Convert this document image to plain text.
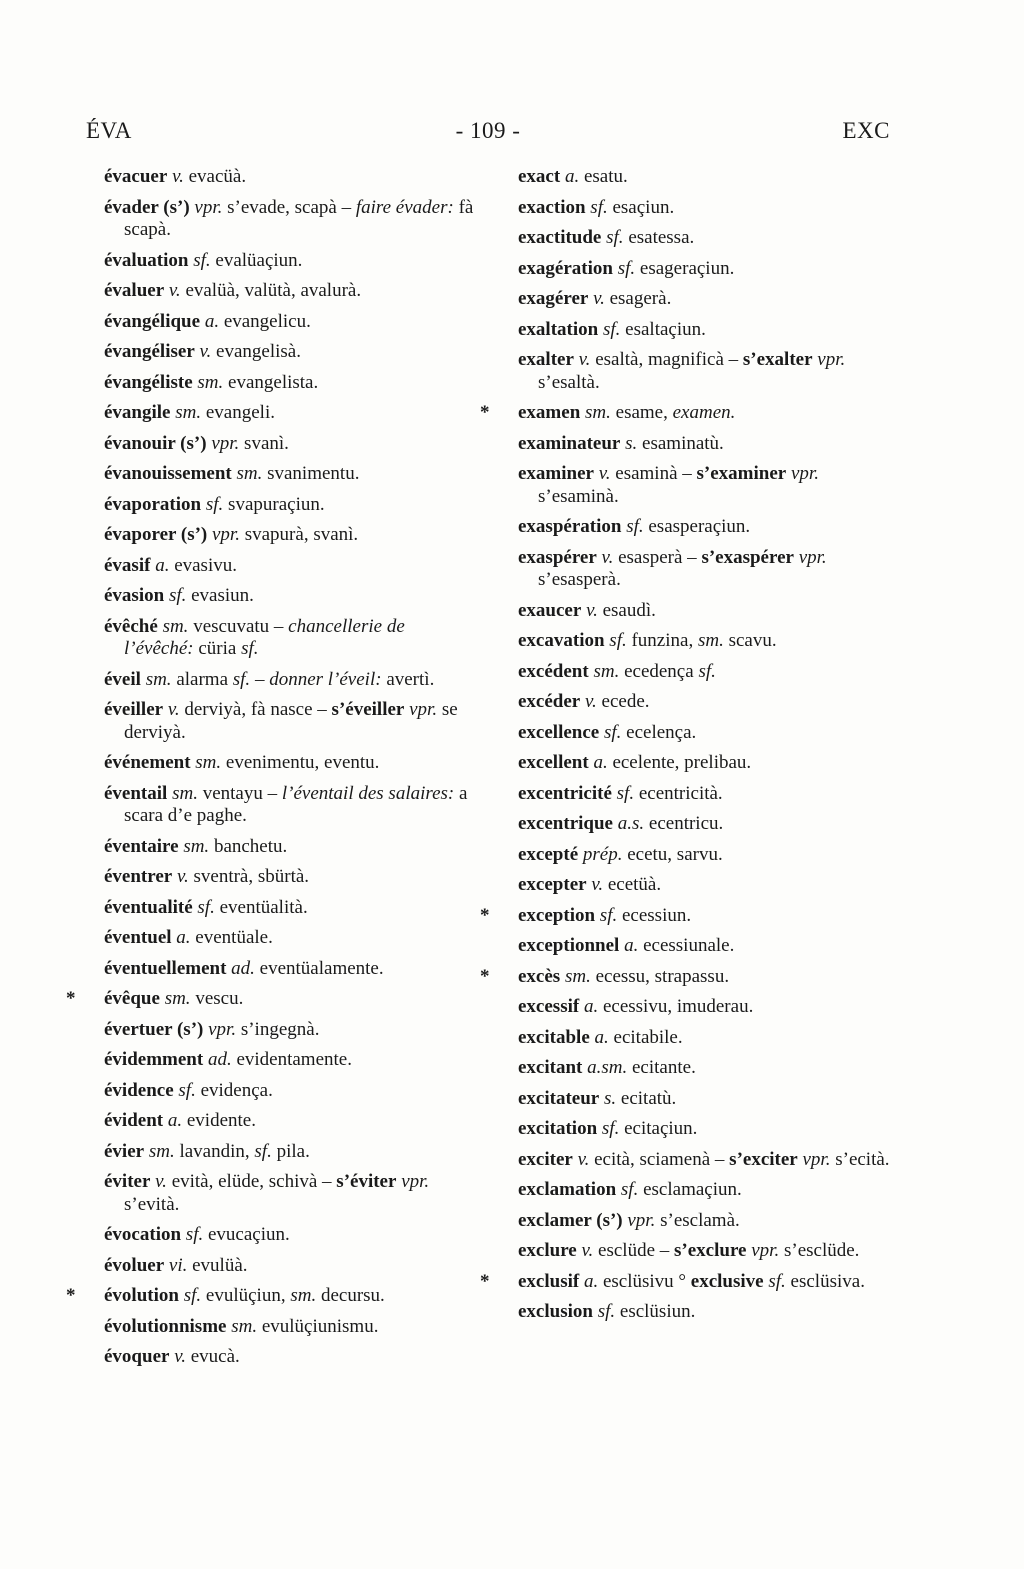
ÉVA	- 109 -	EXC
évacuer v. evacüà.
évader (s’) vpr. s’evade, scapà – faire évader: fà scapà.
évaluation sf. evalüaçiun.
évaluer v. evalüà, valütà, avalurà.
évangélique a. evangelicu.
évangéliser v. evangelisà.
évangéliste sm. evangelista.
évangile sm. evangeli.
évanouir (s’) vpr. svanì.
évanouissement sm. svanimentu.
évaporation sf. svapuraçiun.
évaporer (s’) vpr. svapurà, svanì.
évasif a. evasivu.
évasion sf. evasiun.
évêché sm. vescuvatu – chancellerie de l’évêché: cüria sf.
éveil sm. alarma sf. – donner l’éveil: avertì.
éveiller v. derviyà, fà nasce – s’éveiller vpr. se derviyà.
événement sm. evenimentu, eventu.
éventail sm. ventayu – l’éventail des salaires: a scara d’e paghe.
éventaire sm. banchetu.
éventrer v. sventrà, sbürtà.
éventualité sf. eventüalità.
éventuel a. eventüale.
éventuellement ad. eventüalamente.
* évêque sm. vescu.
évertuer (s’) vpr. s’ingegnà.
évidemment ad. evidentamente.
évidence sf. evidença.
évident a. evidente.
évier sm. lavandin, sf. pila.
éviter v. evità, elüde, schivà – s’éviter vpr. s’evità.
évocation sf. evucaçiun.
évoluer vi. evulüà.
* évolution sf. evulüçiun, sm. decursu.
évolutionnisme sm. evulüçiunismu.
évoquer v. evucà.
exact a. esatu.
exaction sf. esaçiun.
exactitude sf. esatessa.
exagération sf. esageraçiun.
exagérer v. esagerà.
exaltation sf. esaltaçiun.
exalter v. esaltà, magnificà – s’exalter vpr. s’esaltà.
* examen sm. esame, examen.
examinateur s. esaminatù.
examiner v. esaminà – s’examiner vpr. s’esaminà.
exaspération sf. esasperaçiun.
exaspérer v. esasperà – s’exaspérer vpr. s’esasperà.
exaucer v. esaudì.
excavation sf. funzina, sm. scavu.
excédent sm. ecedença sf.
excéder v. ecede.
excellence sf. ecelença.
excellent a. ecelente, prelibau.
excentricité sf. ecentricità.
excentrique a.s. ecentricu.
excepté prép. ecetu, sarvu.
excepter v. ecetüà.
* exception sf. ecessiun.
exceptionnel a. ecessiunale.
* excès sm. ecessu, strapassu.
excessif a. ecessivu, imuderau.
excitable a. ecitabile.
excitant a.sm. ecitante.
excitateur s. ecitatù.
excitation sf. ecitaçiun.
exciter v. ecità, sciamenà – s’exciter vpr. s’ecità.
exclamation sf. esclamaçiun.
exclamer (s’) vpr. s’esclamà.
exclure v. esclüde – s’exclure vpr. s’esclüde.
* exclusif a. esclüsivu ° exclusive sf. esclüsiva.
exclusion sf. esclüsiun.
